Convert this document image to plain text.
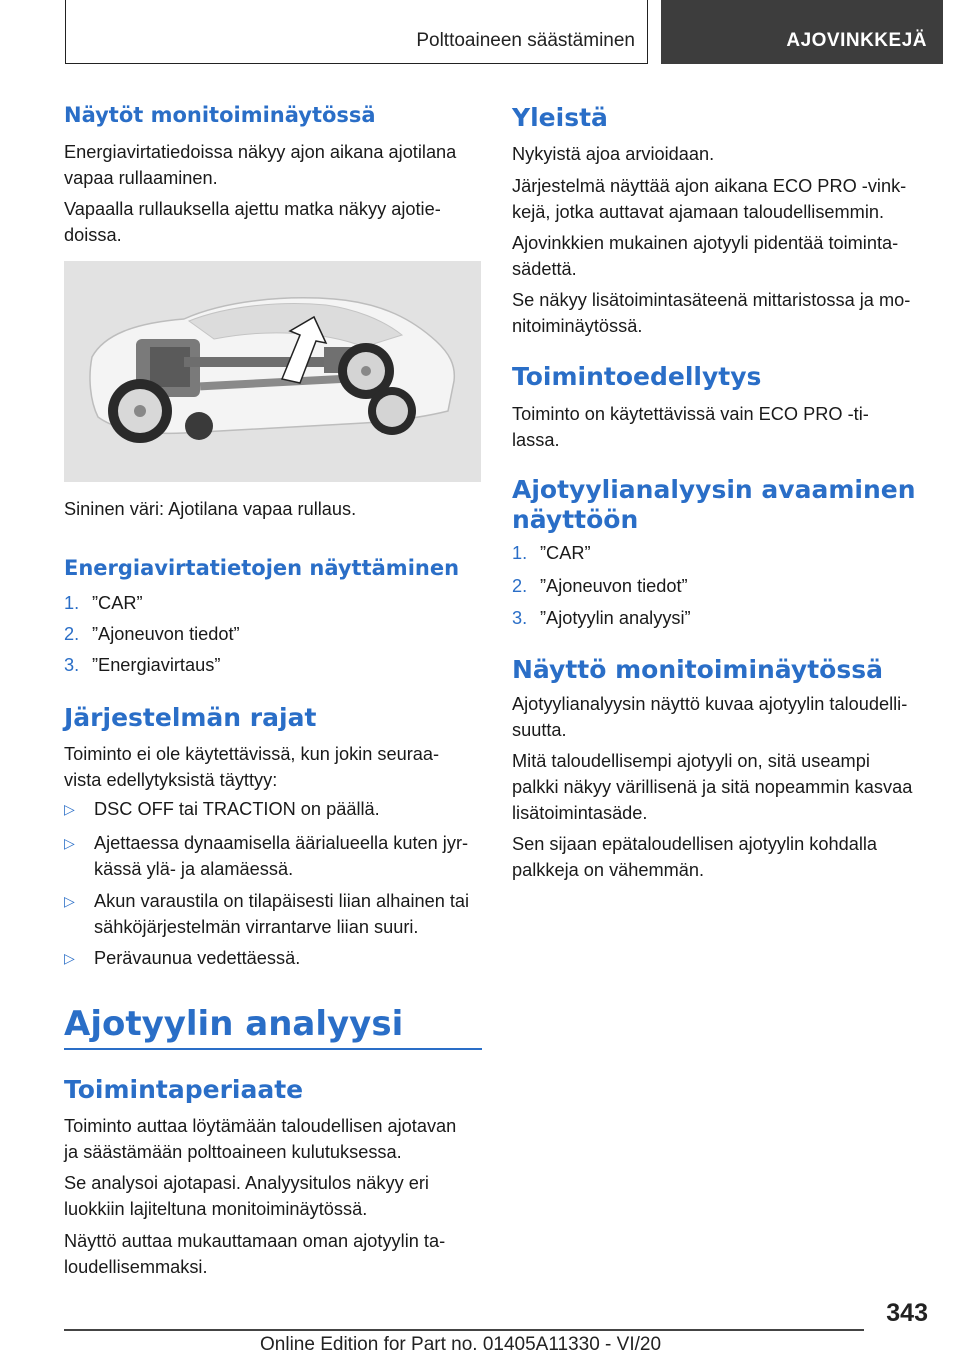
Polttoaineen säästäminen	AJOVINKKEJÄ
Näytöt monitoiminäytössä

Energiavirtatiedoissa näkyy ajon aikana ajotilana
vapaa rullaaminen.

Vapaalla rullauksella ajettu matka näkyy ajotie-
doissa.

Sininen väri: Ajotilana vapaa rullaus.

Energiavirtatietojen näyttäminen
1. ”CAR”
2. ”Ajoneuvon tiedot”
3. ”Energiavirtaus”
Järjestelmän rajat

Toiminto ei ole käytettävissä, kun jokin seuraa-
vista edellytyksistä täyttyy:

▷ DSC OFF tai TRACTION on päällä.
▷ Ajettaessa dynaamisella äärialueella kuten jyr-
kässä ylä- ja alamäessä.
▷ Akun varaustila on tilapäisesti liian alhainen tai
sähköjärjestelmän virrantarve liian suuri.
▷ Perävaunua vedettäessä.
Ajotyylin analyysi
Toimintaperiaate

Toiminto auttaa löytämään taloudellisen ajotavan
ja säästämään polttoaineen kulutuksessa.

Se analysoi ajotapasi. Analyysitulos näkyy eri
luokkiin lajiteltuna monitoiminäytössä.

Näyttö auttaa mukauttamaan oman ajotyylin ta-
loudellisemmaksi.

Yleistä

Nykyistä ajoa arvioidaan.

Järjestelmä näyttää ajon aikana ECO PRO -vink-
kejä, jotka auttavat ajamaan taloudellisemmin.

Ajovinkkien mukainen ajotyyli pidentää toiminta-
sädettä.

Se näkyy lisätoimintasäteenä mittaristossa ja mo-
nitoiminäytössä.

Toimintoedellytys

Toiminto on käytettävissä vain ECO PRO -ti-
lassa.

Ajotyylianalyysin avaaminen
näyttöön
1. ”CAR”
2. ”Ajoneuvon tiedot”
3. ”Ajotyylin analyysi”
Näyttö monitoiminäytössä

Ajotyylianalyysin näyttö kuvaa ajotyylin taloudelli-
suutta.

Mitä taloudellisempi ajotyyli on, sitä useampi
palkki näkyy värillisenä ja sitä nopeammin kasvaa
lisätoimintasäde.

Sen sijaan epätaloudellisen ajotyylin kohdalla
palkkeja on vähemmän.

343
Online Edition for Part no. 01405A11330 - VI/20
